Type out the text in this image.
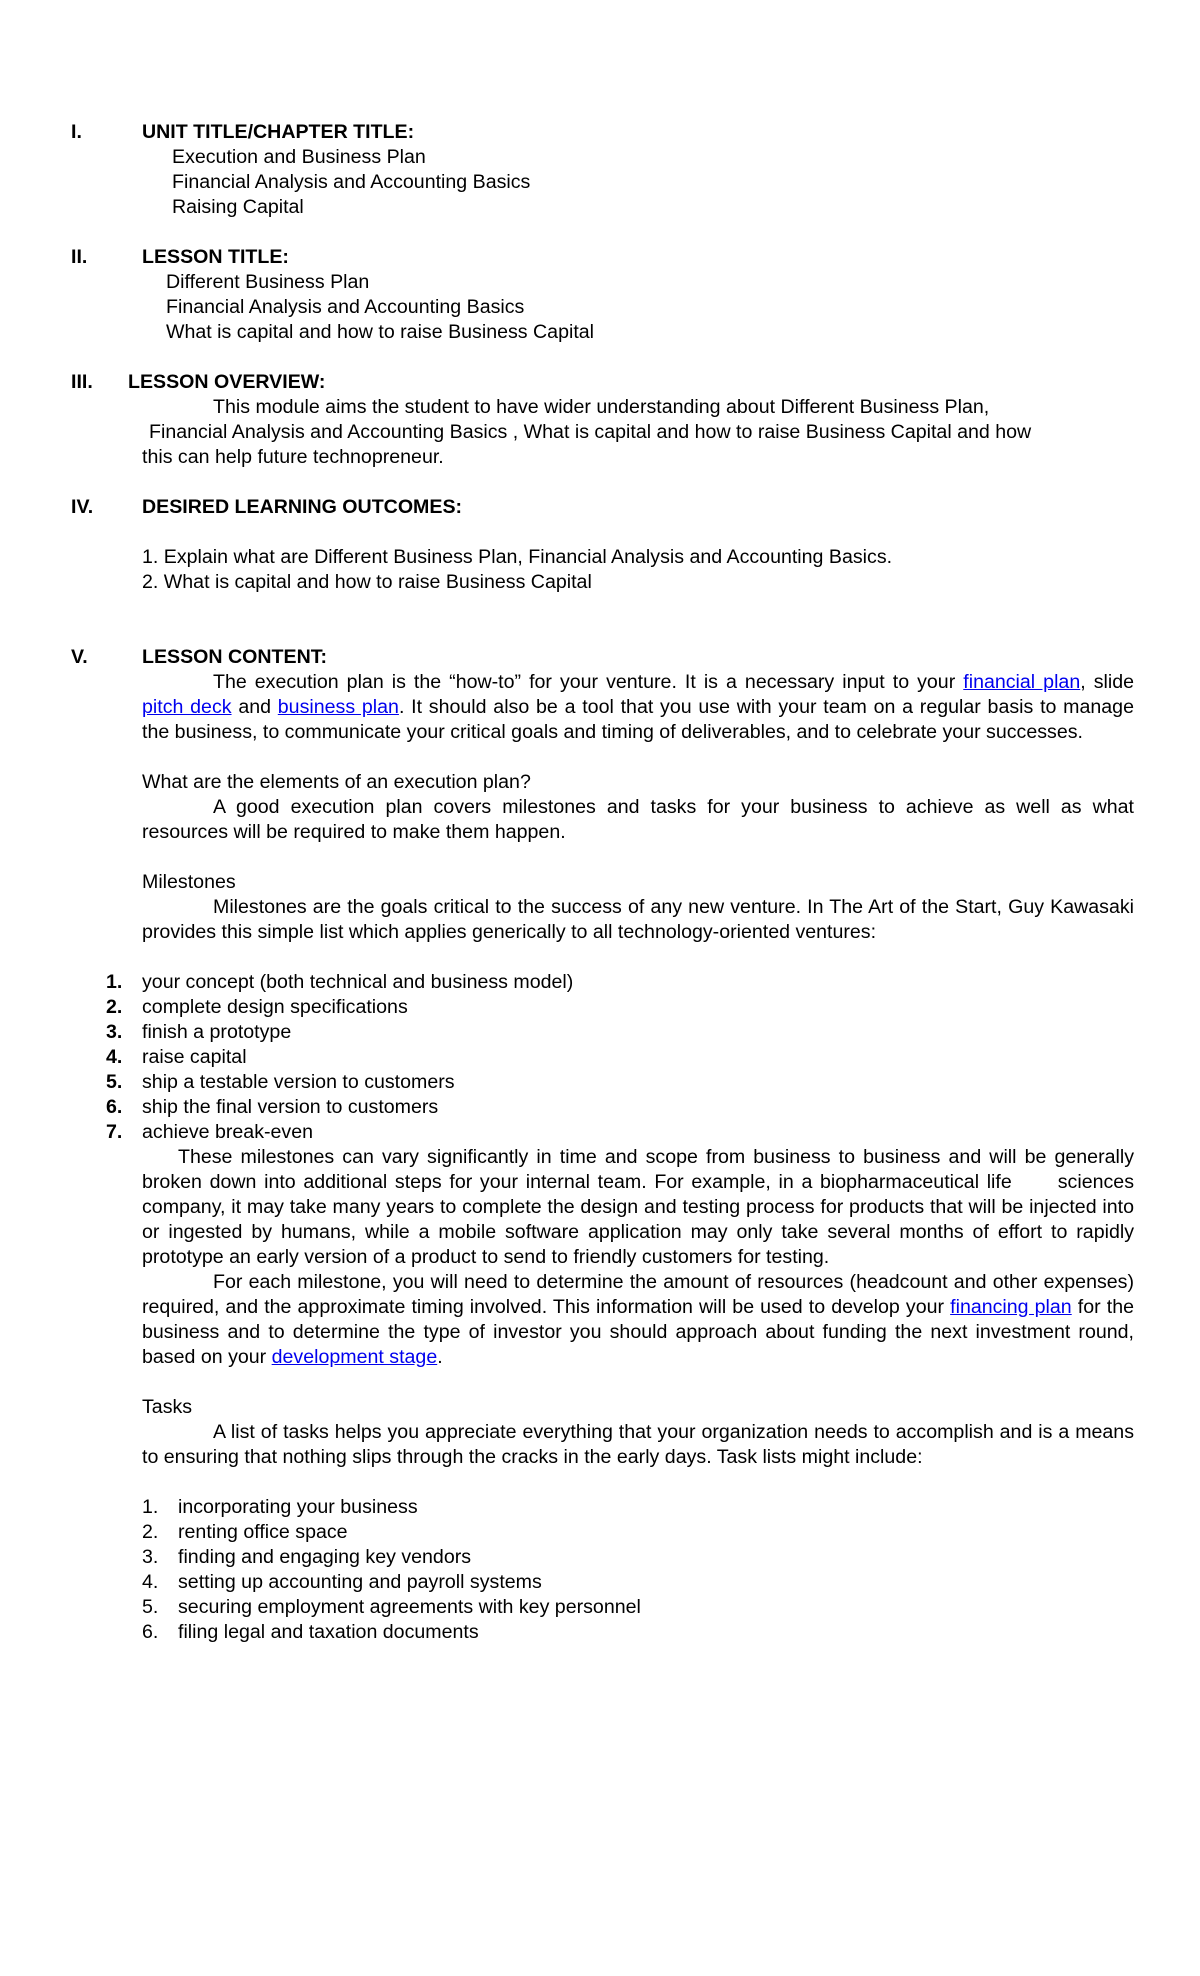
I.	UNIT TITLE/CHAPTER TITLE:
Execution and Business Plan
Financial Analysis and Accounting Basics
Raising Capital
II.	LESSON TITLE:
Different Business Plan
Financial Analysis and Accounting Basics
What is capital and how to raise Business Capital
III. LESSON OVERVIEW:
This module aims the student to have wider understanding about Different Business Plan,
Financial Analysis and Accounting Basics , What is capital and how to raise Business Capital and how
this can help future technopreneur.
IV. DESIRED LEARNING OUTCOMES:
1. Explain what are Different Business Plan, Financial Analysis and Accounting Basics.
2. What is capital and how to raise Business Capital
V.	LESSON CONTENT:

The execution plan is the “how-to” for your venture. It is a necessary input to your financial plan, slide pitch deck and business plan. It should also be a tool that you use with your team on a regular basis to manage the business, to communicate your critical goals and timing of deliverables, and to celebrate your successes.

What are the elements of an execution plan?

A good execution plan covers milestones and tasks for your business to achieve as well as what resources will be required to make them happen.

Milestones

Milestones are the goals critical to the success of any new venture. In The Art of the Start, Guy Kawasaki provides this simple list which applies generically to all technology-oriented ventures:

1. your concept (both technical and business model)
2. complete design specifications
3. finish a prototype
4. raise capital
5. ship a testable version to customers
6. ship the final version to customers
7. achieve break-even

These milestones can vary significantly in time and scope from business to business and will be generally broken down into additional steps for your internal team. For example, in a biopharmaceutical life      sciences company, it may take many years to complete the design and testing process for products that will be injected into or ingested by humans, while a mobile software application may only take several months of effort to rapidly prototype an early version of a product to send to friendly customers for testing.

For each milestone, you will need to determine the amount of resources (headcount and other expenses) required, and the approximate timing involved. This information will be used to develop your financing plan for the business and to determine the type of investor you should approach about funding the next investment round, based on your development stage.

Tasks

A list of tasks helps you appreciate everything that your organization needs to accomplish and is a means to ensuring that nothing slips through the cracks in the early days. Task lists might include:

1. incorporating your business
2. renting office space
3. finding and engaging key vendors
4. setting up accounting and payroll systems
5. securing employment agreements with key personnel
6. filing legal and taxation documents
